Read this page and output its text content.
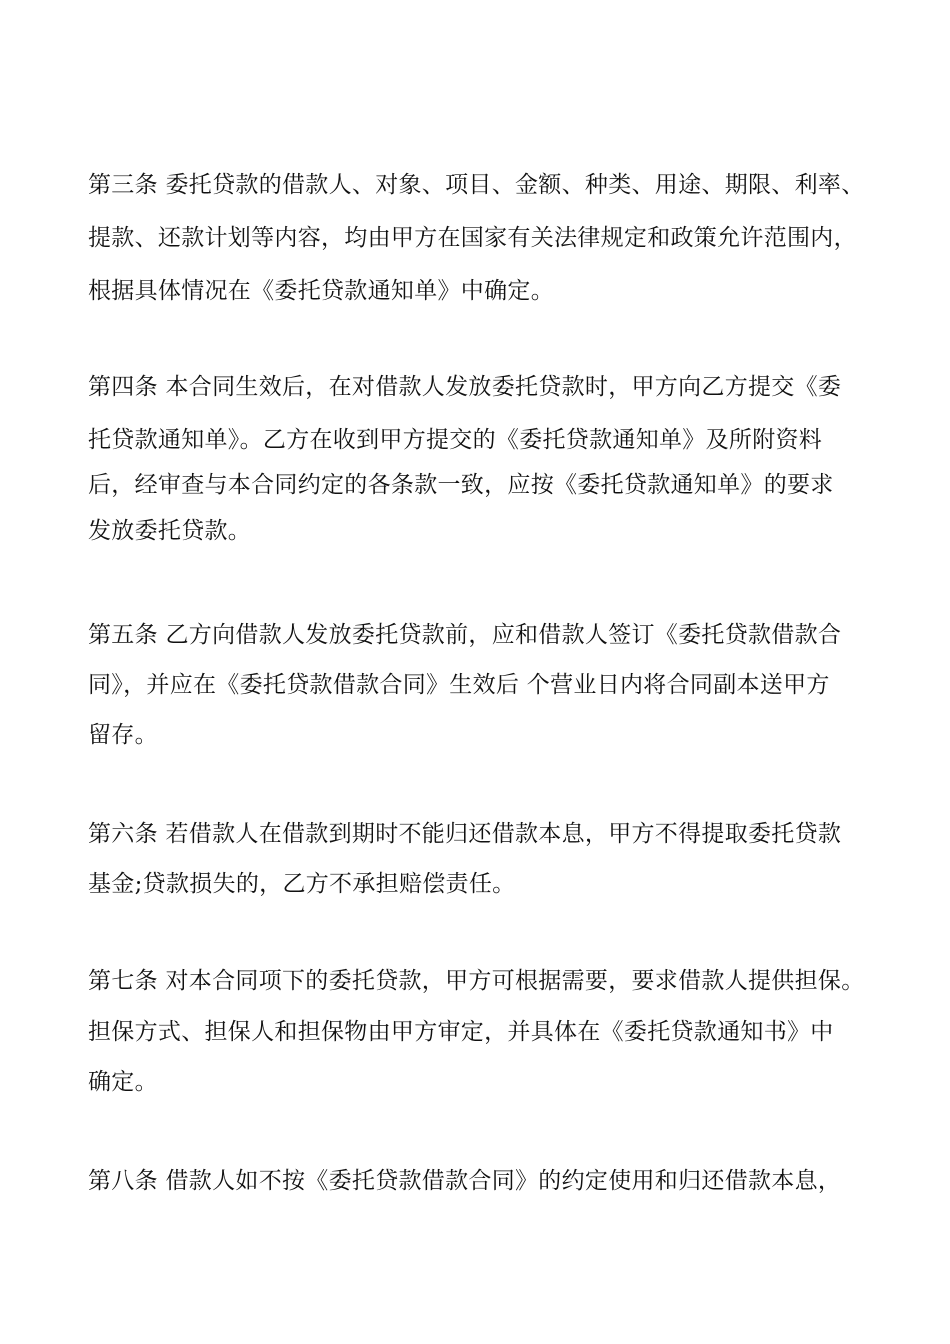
第三条 委托贷款的借款人、对象、项目、金额、种类、用途、期限、利率、
提款、还款计划等内容，均由甲方在国家有关法律规定和政策允许范围内，
根据具体情况在《委托贷款通知单》中确定。
第四条 本合同生效后，在对借款人发放委托贷款时，甲方向乙方提交《委
托贷款通知单》。乙方在收到甲方提交的《委托贷款通知单》及所附资料
后，经审查与本合同约定的各条款一致，应按《委托贷款通知单》的要求
发放委托贷款。
第五条 乙方向借款人发放委托贷款前，应和借款人签订《委托贷款借款合
同》，并应在《委托贷款借款合同》生效后 个营业日内将合同副本送甲方
留存。
第六条 若借款人在借款到期时不能归还借款本息，甲方不得提取委托贷款
基金;贷款损失的，乙方不承担赔偿责任。
第七条 对本合同项下的委托贷款，甲方可根据需要，要求借款人提供担保。
担保方式、担保人和担保物由甲方审定，并具体在《委托贷款通知书》中
确定。
第八条 借款人如不按《委托贷款借款合同》的约定使用和归还借款本息，
